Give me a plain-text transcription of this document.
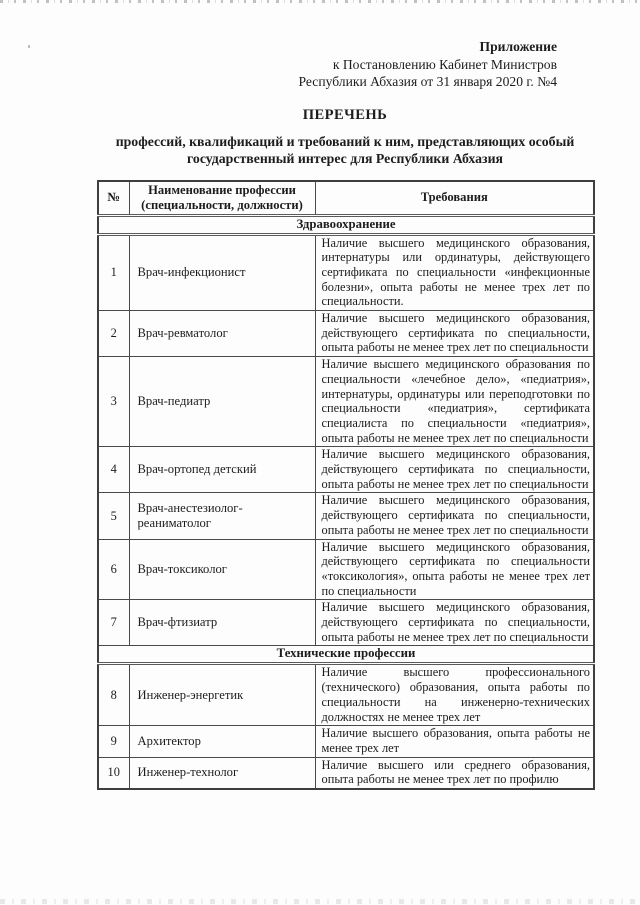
Приложение
к Постановлению Кабинет Министров
Республики Абхазия от 31 января 2020 г. №4
ПЕРЕЧЕНЬ
профессий, квалификаций и требований к ним, представляющих особый государственный интерес для Республики Абхазия
№	Наименование профессии (специальности, должности)	Требования
Здравоохранение		
1	Врач-инфекционист	Наличие высшего медицинского образования, интернатуры или ординатуры, действующего сертификата по специальности «инфекционные болезни», опыта работы не менее трех лет по специальности.
2	Врач-ревматолог	Наличие высшего медицинского образования, действующего сертификата по специальности, опыта работы не менее трех лет по специальности
3	Врач-педиатр	Наличие высшего медицинского образования по специальности «лечебное дело», «педиатрия», интернатуры, ординатуры или переподготовки по специальности «педиатрия», сертификата специалиста по специальности «педиатрия», опыта работы не менее трех лет по специальности
4	Врач-ортопед детский	Наличие высшего медицинского образования, действующего сертификата по специальности, опыта работы не менее трех лет по специальности
5	Врач-анестезиолог-реаниматолог	Наличие высшего медицинского образования, действующего сертификата по специальности, опыта работы не менее трех лет по специальности
6	Врач-токсиколог	Наличие высшего медицинского образования, действующего сертификата по специальности «токсикология», опыта работы не менее трех лет по специальности
7	Врач-фтизиатр	Наличие высшего медицинского образования, действующего сертификата по специальности, опыта работы не менее трех лет по специальности
Технические профессии		
8	Инженер-энергетик	Наличие высшего профессионального (технического) образования, опыта работы по специальности на инженерно-технических должностях не менее трех лет
9	Архитектор	Наличие высшего образования, опыта работы не менее трех лет
10	Инженер-технолог	Наличие высшего или среднего образования, опыта работы не менее трех лет по профилю
